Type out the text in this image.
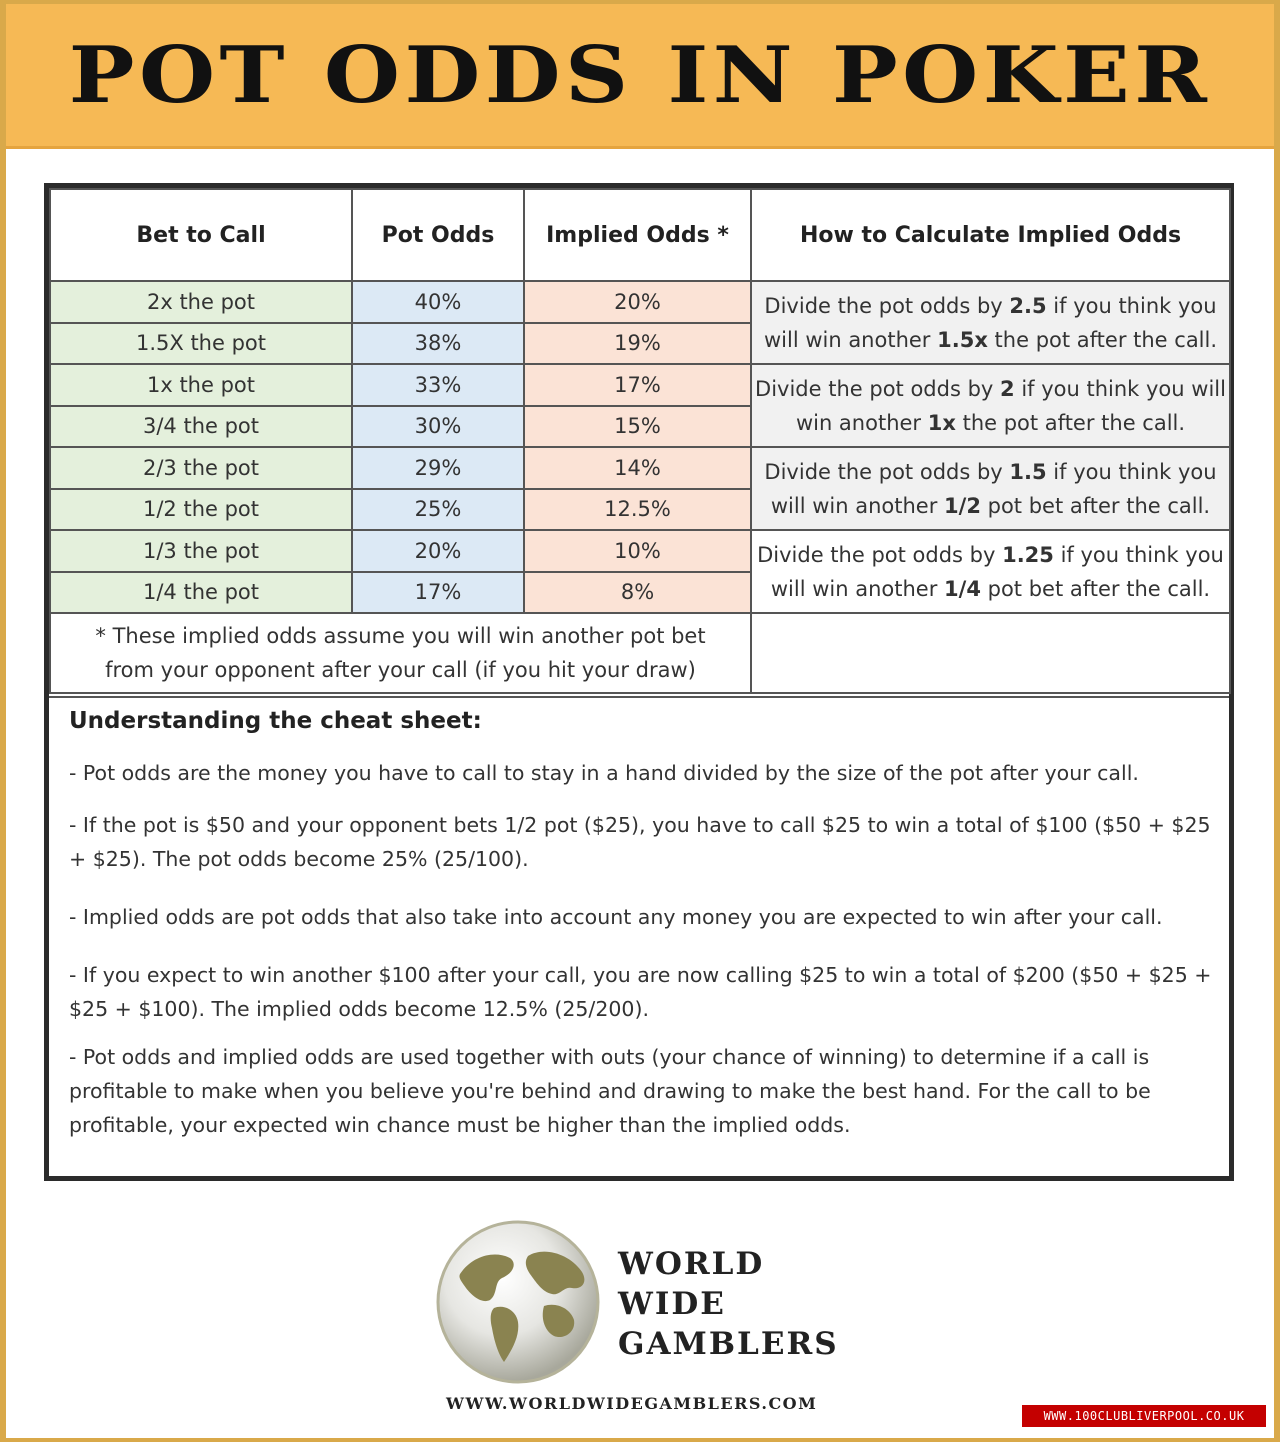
POT ODDS IN POKER
Bet to Call	Pot Odds	Implied Odds *	How to Calculate Implied Odds
2x the pot	40%	20%	Divide the pot odds by 2.5 if you think you will win another 1.5x the pot after the call.
1.5X the pot	38%	19%	
1x the pot	33%	17%	Divide the pot odds by 2 if you think you will win another 1x the pot after the call.
3/4 the pot	30%	15%	
2/3 the pot	29%	14%	Divide the pot odds by 1.5 if you think you will win another 1/2 pot bet after the call.
1/2 the pot	25%	12.5%	
1/3 the pot	20%	10%	Divide the pot odds by 1.25 if you think you will win another 1/4 pot bet after the call.
1/4 the pot	17%	8%	
* These implied odds assume you will win another pot bet from your opponent after your call (if you hit your draw)			
Understanding the cheat sheet:

- Pot odds are the money you have to call to stay in a hand divided by the size of the pot after your call.

- If the pot is $50 and your opponent bets 1/2 pot ($25), you have to call $25 to win a total of $100 ($50 + $25 + $25). The pot odds become 25% (25/100).

- Implied odds are pot odds that also take into account any money you are expected to win after your call.

- If you expect to win another $100 after your call, you are now calling $25 to win a total of $200 ($50 + $25 + $25 + $100). The implied odds become 12.5% (25/200).

- Pot odds and implied odds are used together with outs (your chance of winning) to determine if a call is profitable to make when you believe you're behind and drawing to make the best hand. For the call to be profitable, your expected win chance must be higher than the implied odds.

WORLD
WIDE
GAMBLERS
WWW.WORLDWIDEGAMBLERS.COM
WWW.100CLUBLIVERPOOL.CO.UK
